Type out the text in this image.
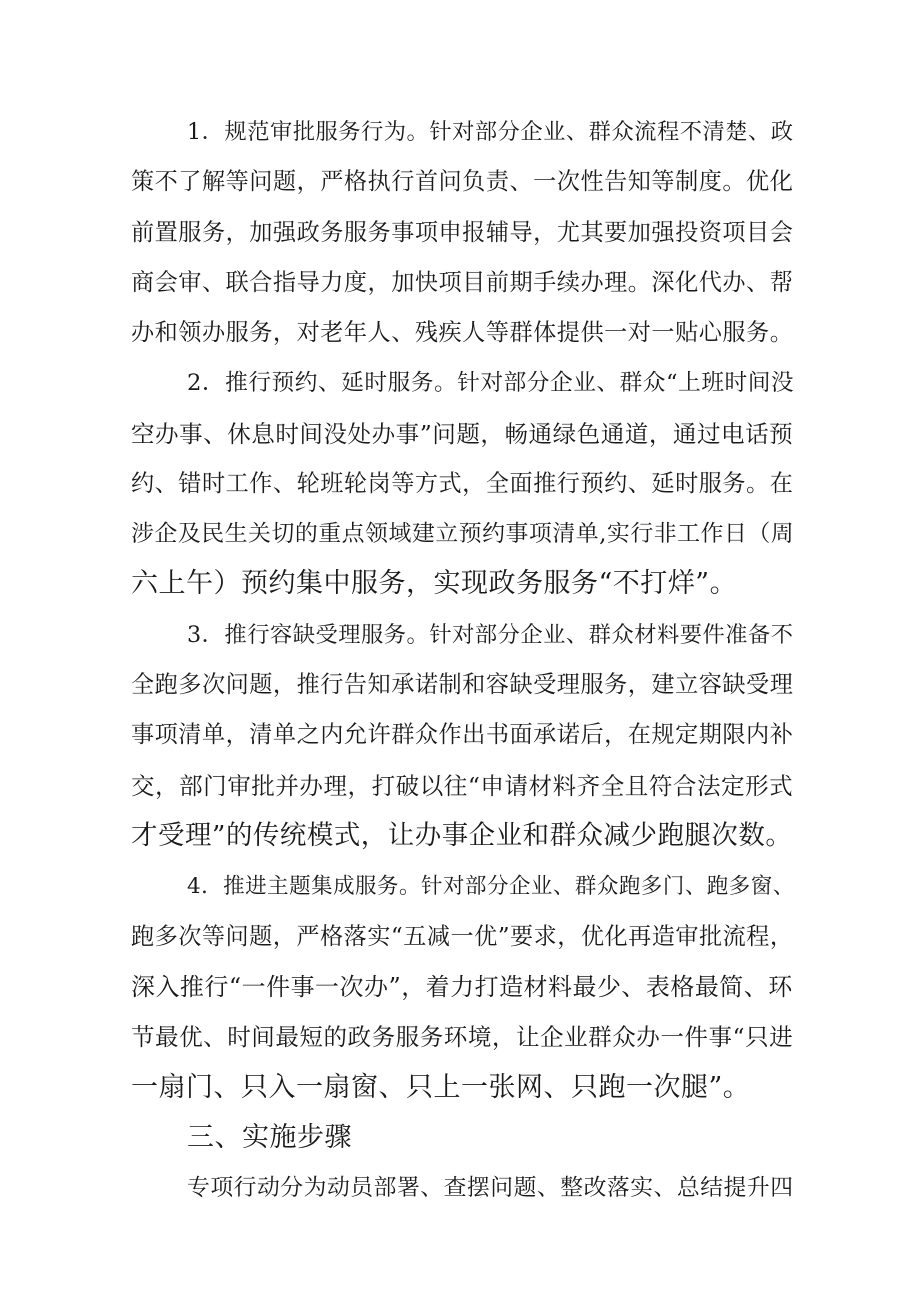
1．规范审批服务行为。针对部分企业、群众流程不清楚、政
策不了解等问题，严格执行首问负责、一次性告知等制度。优化
前置服务，加强政务服务事项申报辅导，尤其要加强投资项目会
商会审、联合指导力度，加快项目前期手续办理。深化代办、帮
办和领办服务，对老年人、残疾人等群体提供一对一贴心服务。
2．推行预约、延时服务。针对部分企业、群众“上班时间没
空办事、休息时间没处办事”问题，畅通绿色通道，通过电话预
约、错时工作、轮班轮岗等方式，全面推行预约、延时服务。在
涉企及民生关切的重点领域建立预约事项清单,实行非工作日（周
六上午）预约集中服务，实现政务服务“不打烊”。
3．推行容缺受理服务。针对部分企业、群众材料要件准备不
全跑多次问题，推行告知承诺制和容缺受理服务，建立容缺受理
事项清单，清单之内允许群众作出书面承诺后，在规定期限内补
交，部门审批并办理，打破以往“申请材料齐全且符合法定形式
才受理”的传统模式，让办事企业和群众减少跑腿次数。
4．推进主题集成服务。针对部分企业、群众跑多门、跑多窗、
跑多次等问题，严格落实“五减一优”要求，优化再造审批流程，
深入推行“一件事一次办”，着力打造材料最少、表格最简、环
节最优、时间最短的政务服务环境，让企业群众办一件事“只进
一扇门、只入一扇窗、只上一张网、只跑一次腿”。
三、实施步骤
专项行动分为动员部署、查摆问题、整改落实、总结提升四
